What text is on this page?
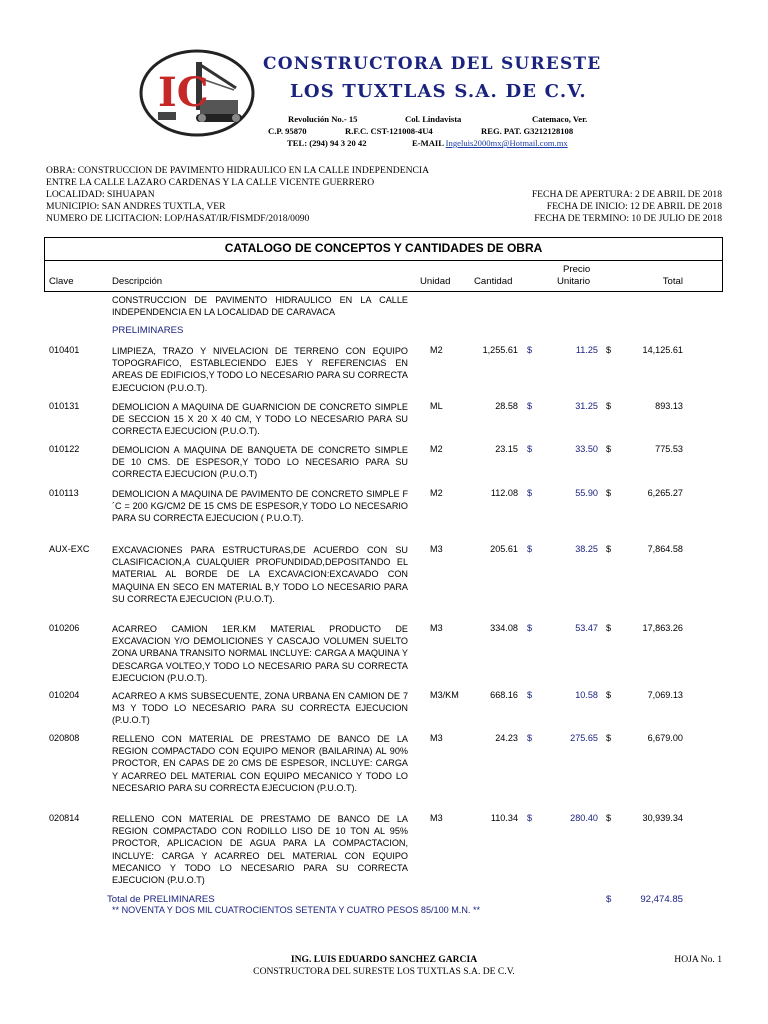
IC
CONSTRUCTORA DEL SURESTE
LOS TUXTLAS S.A. DE C.V.
Revolución No.- 15	Col. Lindavista	Catemaco, Ver.
C.P. 95870	R.F.C. CST-121008-4U4	REG. PAT. G3212128108
TEL: (294) 94 3 20 42	E-MAIL Ingeluis2000mx@Hotmail.com.mx
OBRA: CONSTRUCCION DE PAVIMENTO HIDRAULICO EN LA CALLE INDEPENDENCIA
ENTRE LA CALLE LAZARO CARDENAS Y LA CALLE VICENTE GUERRERO
LOCALIDAD: SIHUAPAN
MUNICIPIO: SAN ANDRES TUXTLA, VER
NUMERO DE LICITACION: LOP/HASAT/IR/FISMDF/2018/0090
FECHA DE APERTURA: 2 DE ABRIL DE 2018
FECHA DE INICIO: 12 DE ABRIL DE 2018
FECHA DE TERMINO: 10 DE JULIO DE 2018
CATALOGO DE CONCEPTOS Y CANTIDADES DE OBRA
Clave	Descripción	Unidad Cantidad
Precio
Unitario	Total
CONSTRUCCION DE PAVIMENTO HIDRAULICO EN LA CALLE INDEPENDENCIA EN LA LOCALIDAD DE CARAVACA
PRELIMINARES
010401	LIMPIEZA, TRAZO Y NIVELACION DE TERRENO CON EQUIPO TOPOGRAFICO, ESTABLECIENDO EJES Y REFERENCIAS EN AREAS DE EDIFICIOS,Y TODO LO NECESARIO PARA SU CORRECTA EJECUCION (P.U.O.T).
M2	1,255.61 $	11.25 $	14,125.61
010131	DEMOLICION A MAQUINA DE GUARNICION DE CONCRETO SIMPLE DE SECCION 15 X 20 X 40 CM, Y TODO LO NECESARIO PARA SU CORRECTA EJECUCION (P.U.O.T).
ML	28.58 $	31.25 $	893.13
010122	DEMOLICION A MAQUINA DE BANQUETA DE CONCRETO SIMPLE DE 10 CMS. DE ESPESOR,Y TODO LO NECESARIO PARA SU CORRECTA EJECUCION (P.U.O.T)
M2	23.15 $	33.50 $	775.53
010113	DEMOLICION A MAQUINA DE PAVIMENTO DE CONCRETO SIMPLE F´C = 200 KG/CM2 DE 15 CMS DE ESPESOR,Y TODO LO NECESARIO PARA SU CORRECTA EJECUCION ( P.U.O.T).
M2	112.08 $	55.90 $	6,265.27
AUX-EXC EXCAVACIONES PARA ESTRUCTURAS,DE ACUERDO CON SU CLASIFICACION,A CUALQUIER PROFUNDIDAD,DEPOSITANDO EL MATERIAL AL BORDE DE LA EXCAVACION:EXCAVADO CON MAQUINA EN SECO EN MATERIAL B,Y TODO LO NECESARIO PARA SU CORRECTA EJECUCION (P.U.O.T).
M3	205.61 $	38.25 $	7,864.58
010206	ACARREO CAMION 1ER.KM MATERIAL PRODUCTO DE EXCAVACION Y/O DEMOLICIONES Y CASCAJO VOLUMEN SUELTO ZONA URBANA TRANSITO NORMAL INCLUYE: CARGA A MAQUINA Y DESCARGA VOLTEO,Y TODO LO NECESARIO PARA SU CORRECTA EJECUCION (P.U.O.T).
M3	334.08 $	53.47 $	17,863.26
010204	ACARREO A KMS SUBSECUENTE, ZONA URBANA EN CAMION DE 7 M3 Y TODO LO NECESARIO PARA SU CORRECTA EJECUCION (P.U.O.T)
M3/KM	668.16 $	10.58 $	7,069.13
020808	RELLENO CON MATERIAL DE PRESTAMO DE BANCO DE LA REGION COMPACTADO CON EQUIPO MENOR (BAILARINA) AL 90% PROCTOR, EN CAPAS DE 20 CMS DE ESPESOR, INCLUYE: CARGA Y ACARREO DEL MATERIAL CON EQUIPO MECANICO Y TODO LO NECESARIO PARA SU CORRECTA EJECUCION (P.U.O.T).
M3	24.23 $	275.65 $	6,679.00
020814	RELLENO CON MATERIAL DE PRESTAMO DE BANCO DE LA REGION COMPACTADO CON RODILLO LISO DE 10 TON AL 95% PROCTOR, APLICACION DE AGUA PARA LA COMPACTACION, INCLUYE: CARGA Y ACARREO DEL MATERIAL CON EQUIPO MECANICO Y TODO LO NECESARIO PARA SU CORRECTA EJECUCION (P.U.O.T)
M3	110.34 $	280.40 $	30,939.34
Total de PRELIMINARES	$	92,474.85
** NOVENTA Y DOS MIL CUATROCIENTOS SETENTA Y CUATRO PESOS 85/100 M.N. **
ING. LUIS EDUARDO SANCHEZ GARCIA
CONSTRUCTORA DEL SURESTE LOS TUXTLAS S.A. DE C.V.
HOJA No. 1
